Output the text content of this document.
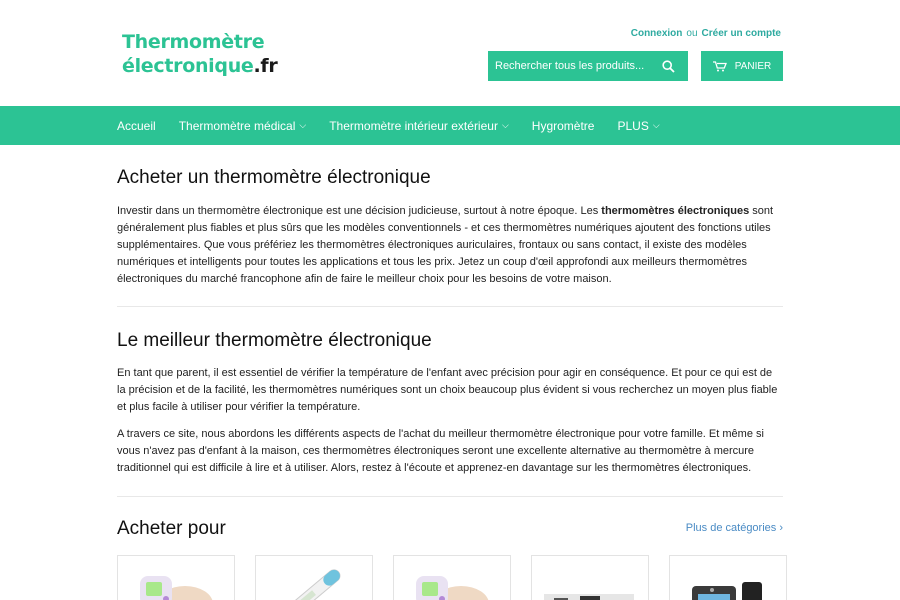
Thermomètre
électronique.fr
Connexion ou Créer un compte
Rechercher tous les produits...
PANIER
Accueil Thermomètre médical ⌵ Thermomètre intérieur extérieur ⌵ Hygromètre PLUS ⌵
Acheter un thermomètre électronique

Investir dans un thermomètre électronique est une décision judicieuse, surtout à notre époque. Les thermomètres électroniques sont généralement plus fiables et plus sûrs que les modèles conventionnels - et ces thermomètres numériques ajoutent des fonctions utiles supplémentaires. Que vous préfériez les thermomètres électroniques auriculaires, frontaux ou sans contact, il existe des modèles numériques et intelligents pour toutes les applications et tous les prix. Jetez un coup d'œil approfondi aux meilleurs thermomètres électroniques du marché francophone afin de faire le meilleur choix pour les besoins de votre maison.

Le meilleur thermomètre électronique

En tant que parent, il est essentiel de vérifier la température de l'enfant avec précision pour agir en conséquence. Et pour ce qui est de la précision et de la facilité, les thermomètres numériques sont un choix beaucoup plus évident si vous recherchez un moyen plus fiable et plus facile à utiliser pour vérifier la température.

A travers ce site, nous abordons les différents aspects de l'achat du meilleur thermomètre électronique pour votre famille. Et même si vous n'avez pas d'enfant à la maison, ces thermomètres électroniques seront une excellente alternative au thermomètre à mercure traditionnel qui est difficile à lire et à utiliser. Alors, restez à l'écoute et apprenez-en davantage sur les thermomètres électroniques.

Acheter pour	Plus de catégories ›
